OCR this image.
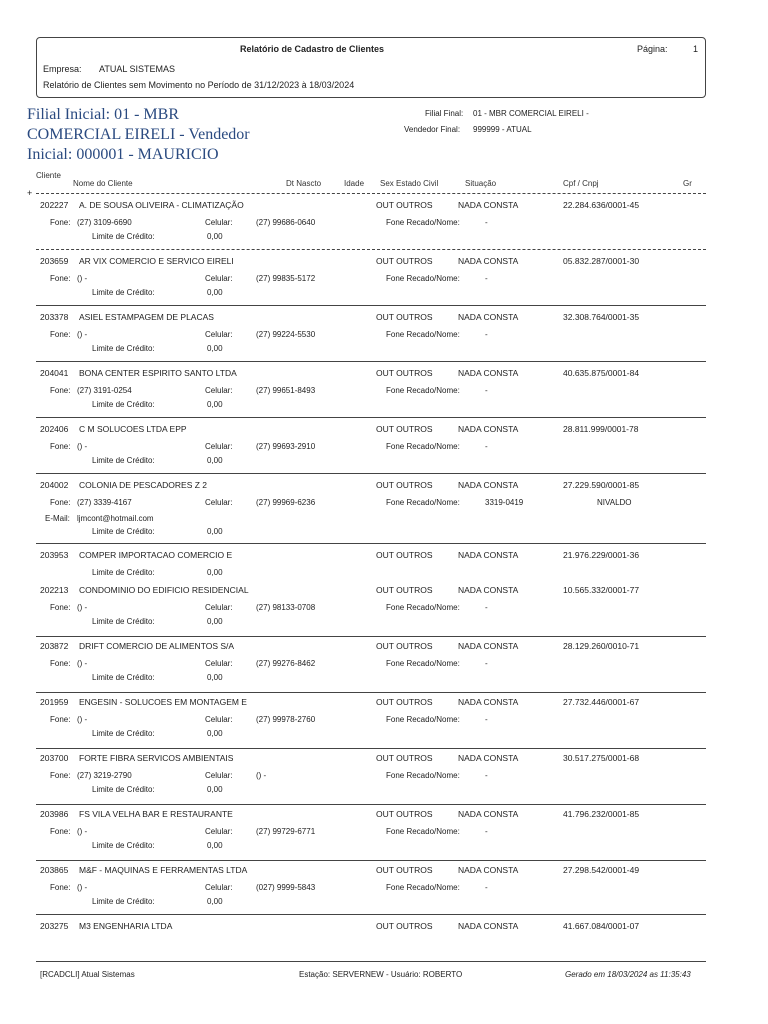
Relatório de Cadastro de Clientes	Página:	1
Empresa: ATUAL SISTEMAS
Relatório de Clientes sem Movimento no Período de 31/12/2023 à 18/03/2024
Filial Inicial: 01 - MBR
COMERCIAL EIRELI - Vendedor
Inicial: 000001 - MAURICIO
Filial Final: 01 - MBR COMERCIAL EIRELI -
Vendedor Final: 999999 - ATUAL
Cliente
Nome do Cliente	Dt Nascto	Idade Sex Estado Civil	Situação	Cpf / Cnpj	Gr
+
202227 A. DE SOUSA OLIVEIRA - CLIMATIZAÇÃO	OUT OUTROS	NADA CONSTA	22.284.636/0001-45
Fone: (27) 3109-6690	Celular:	(27) 99686-0640	Fone Recado/Nome:	-
Limite de Crédito:	0,00
203659 AR VIX COMERCIO E SERVICO EIRELI	OUT OUTROS	NADA CONSTA	05.832.287/0001-30
Fone: () -	Celular:	(27) 99835-5172	Fone Recado/Nome:	-
Limite de Crédito:	0,00
203378 ASIEL ESTAMPAGEM DE PLACAS	OUT OUTROS	NADA CONSTA	32.308.764/0001-35
Fone: () -	Celular:	(27) 99224-5530	Fone Recado/Nome:	-
Limite de Crédito:	0,00
204041 BONA CENTER ESPIRITO SANTO LTDA	OUT OUTROS	NADA CONSTA	40.635.875/0001-84
Fone: (27) 3191-0254	Celular:	(27) 99651-8493	Fone Recado/Nome:	-
Limite de Crédito:	0,00
202406 C M SOLUCOES LTDA EPP	OUT OUTROS	NADA CONSTA	28.811.999/0001-78
Fone: () -	Celular:	(27) 99693-2910	Fone Recado/Nome:	-
Limite de Crédito:	0,00
204002 COLONIA DE PESCADORES Z 2	OUT OUTROS	NADA CONSTA	27.229.590/0001-85
Fone: (27) 3339-4167	Celular:	(27) 99969-6236	Fone Recado/Nome:	3319-0419	NIVALDO
E-Mail: ljmcont@hotmail.com
Limite de Crédito:	0,00
203953 COMPER IMPORTACAO COMERCIO E	OUT OUTROS	NADA CONSTA	21.976.229/0001-36
Limite de Crédito:	0,00
202213 CONDOMINIO DO EDIFICIO RESIDENCIAL	OUT OUTROS	NADA CONSTA	10.565.332/0001-77
Fone: () -	Celular:	(27) 98133-0708	Fone Recado/Nome:	-
Limite de Crédito:	0,00
203872 DRIFT COMERCIO DE ALIMENTOS S/A	OUT OUTROS	NADA CONSTA	28.129.260/0010-71
Fone: () -	Celular:	(27) 99276-8462	Fone Recado/Nome:	-
Limite de Crédito:	0,00
201959 ENGESIN - SOLUCOES EM MONTAGEM E	OUT OUTROS	NADA CONSTA	27.732.446/0001-67
Fone: () -	Celular:	(27) 99978-2760	Fone Recado/Nome:	-
Limite de Crédito:	0,00
203700 FORTE FIBRA SERVICOS AMBIENTAIS	OUT OUTROS	NADA CONSTA	30.517.275/0001-68
Fone: (27) 3219-2790	Celular:	() -	Fone Recado/Nome:	-
Limite de Crédito:	0,00
203986 FS VILA VELHA BAR E RESTAURANTE	OUT OUTROS	NADA CONSTA	41.796.232/0001-85
Fone: () -	Celular:	(27) 99729-6771	Fone Recado/Nome:	-
Limite de Crédito:	0,00
203865 M&F - MAQUINAS E FERRAMENTAS LTDA	OUT OUTROS	NADA CONSTA	27.298.542/0001-49
Fone: () -	Celular:	(027) 9999-5843	Fone Recado/Nome:	-
Limite de Crédito:	0,00
203275 M3 ENGENHARIA LTDA	OUT OUTROS	NADA CONSTA	41.667.084/0001-07
[RCADCLI] Atual Sistemas	Estação: SERVERNEW - Usuário: ROBERTO	Gerado em 18/03/2024 as 11:35:43
